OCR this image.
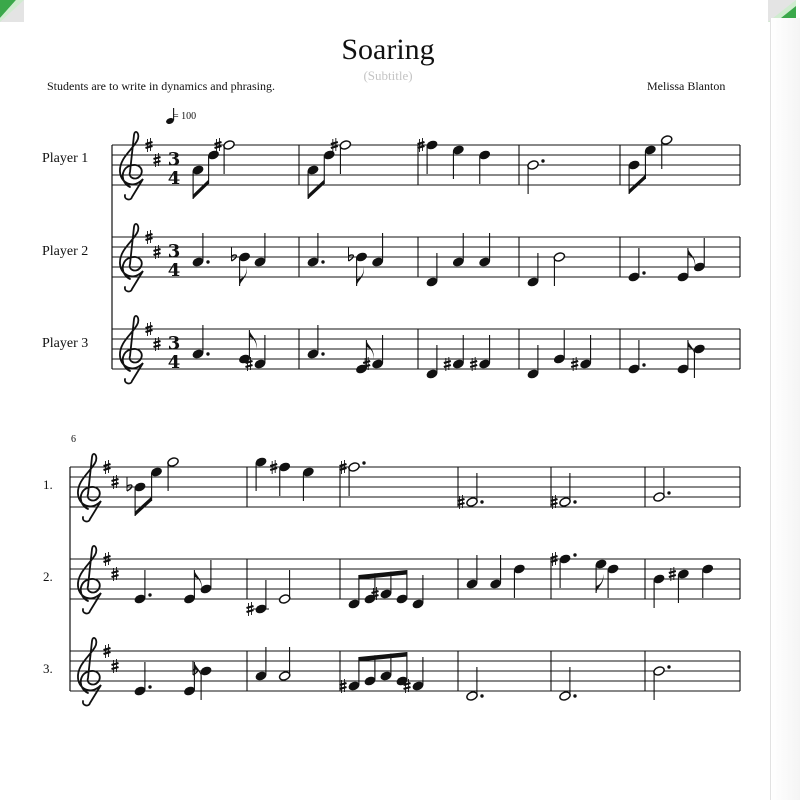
Soaring
(Subtitle)
Students are to write in dynamics and phrasing.	Melissa Blanton
= 100
Player 1
Player 2
Player 3
6
1.
2.
3.
3
4
3
4
3
4
